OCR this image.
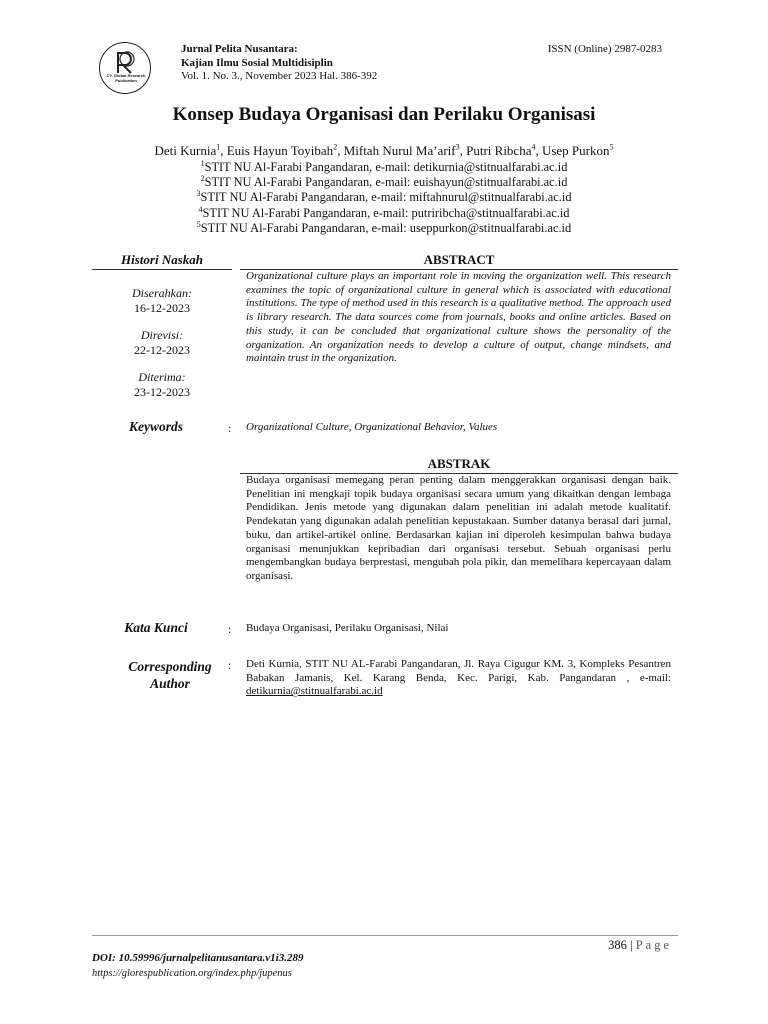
CV. Global Research Publication
Jurnal Pelita Nusantara:
Kajian Ilmu Sosial Multidisiplin
Vol. 1. No. 3., November 2023 Hal. 386-392
ISSN (Online) 2987-0283
Konsep Budaya Organisasi dan Perilaku Organisasi
Deti Kurnia$^1$, Euis Hayun Toyibah$^2$, Miftah Nurul Ma’arif$^3$, Putri Ribcha$^4$, Usep Purkon$^5$
$^1$STIT NU Al-Farabi Pangandaran, e-mail: detikurnia@stitnualfarabi.ac.id
$^2$STIT NU Al-Farabi Pangandaran, e-mail: euishayun@stitnualfarabi.ac.id
$^3$STIT NU Al-Farabi Pangandaran, e-mail: miftahnurul@stitnualfarabi.ac.id
$^4$STIT NU Al-Farabi Pangandaran, e-mail: putriribcha@stitnualfarabi.ac.id
$^5$STIT NU Al-Farabi Pangandaran, e-mail: useppurkon@stitnualfarabi.ac.id
Histori Naskah	ABSTRACT
Diserahkan:
16-12-2023
Direvisi:
22-12-2023
Diterima:
23-12-2023
Organizational culture plays an important role in moving the organization well. This research examines the topic of organizational culture in general which is associated with educational institutions. The type of method used in this research is a qualitative method. The approach used is library research. The data sources come from journals, books and online articles. Based on this study, it can be concluded that organizational culture shows the personality of the organization. An organization needs to develop a culture of output, change mindsets, and maintain trust in the organization.
Keywords	: Organizational Culture, Organizational Behavior, Values
ABSTRAK
Budaya organisasi memegang peran penting dalam menggerakkan organisasi dengan baik. Penelitian ini mengkaji topik budaya organisasi secara umum yang dikaitkan dengan lembaga Pendidikan. Jenis metode yang digunakan dalam penelitian ini adalah metode kualitatif. Pendekatan yang digunakan adalah penelitian kepustakaan. Sumber datanya berasal dari jurnal, buku, dan artikel-artikel online. Berdasarkan kajian ini diperoleh kesimpulan bahwa budaya organisasi menunjukkan kepribadian dari organisasi tersebut. Sebuah organisasi perlu mengembangkan budaya berprestasi, mengubah pola pikir, dan memelihara kepercayaan dalam organisasi.
Kata Kunci	: Budaya Organisasi, Perilaku Organisasi, Nilai
Corresponding
Author
: Deti Kurnia, STIT NU AL-Farabi Pangandaran, Jl. Raya Cigugur KM. 3, Kompleks Pesantren Babakan Jamanis, Kel. Karang Benda, Kec. Parigi, Kab. Pangandaran , e-mail: detikurnia@stitnualfarabi.ac.id
386 | Page
DOI: 10.59996/jurnalpelitanusantara.v1i3.289
https://glorespublication.org/index.php/jupenus
